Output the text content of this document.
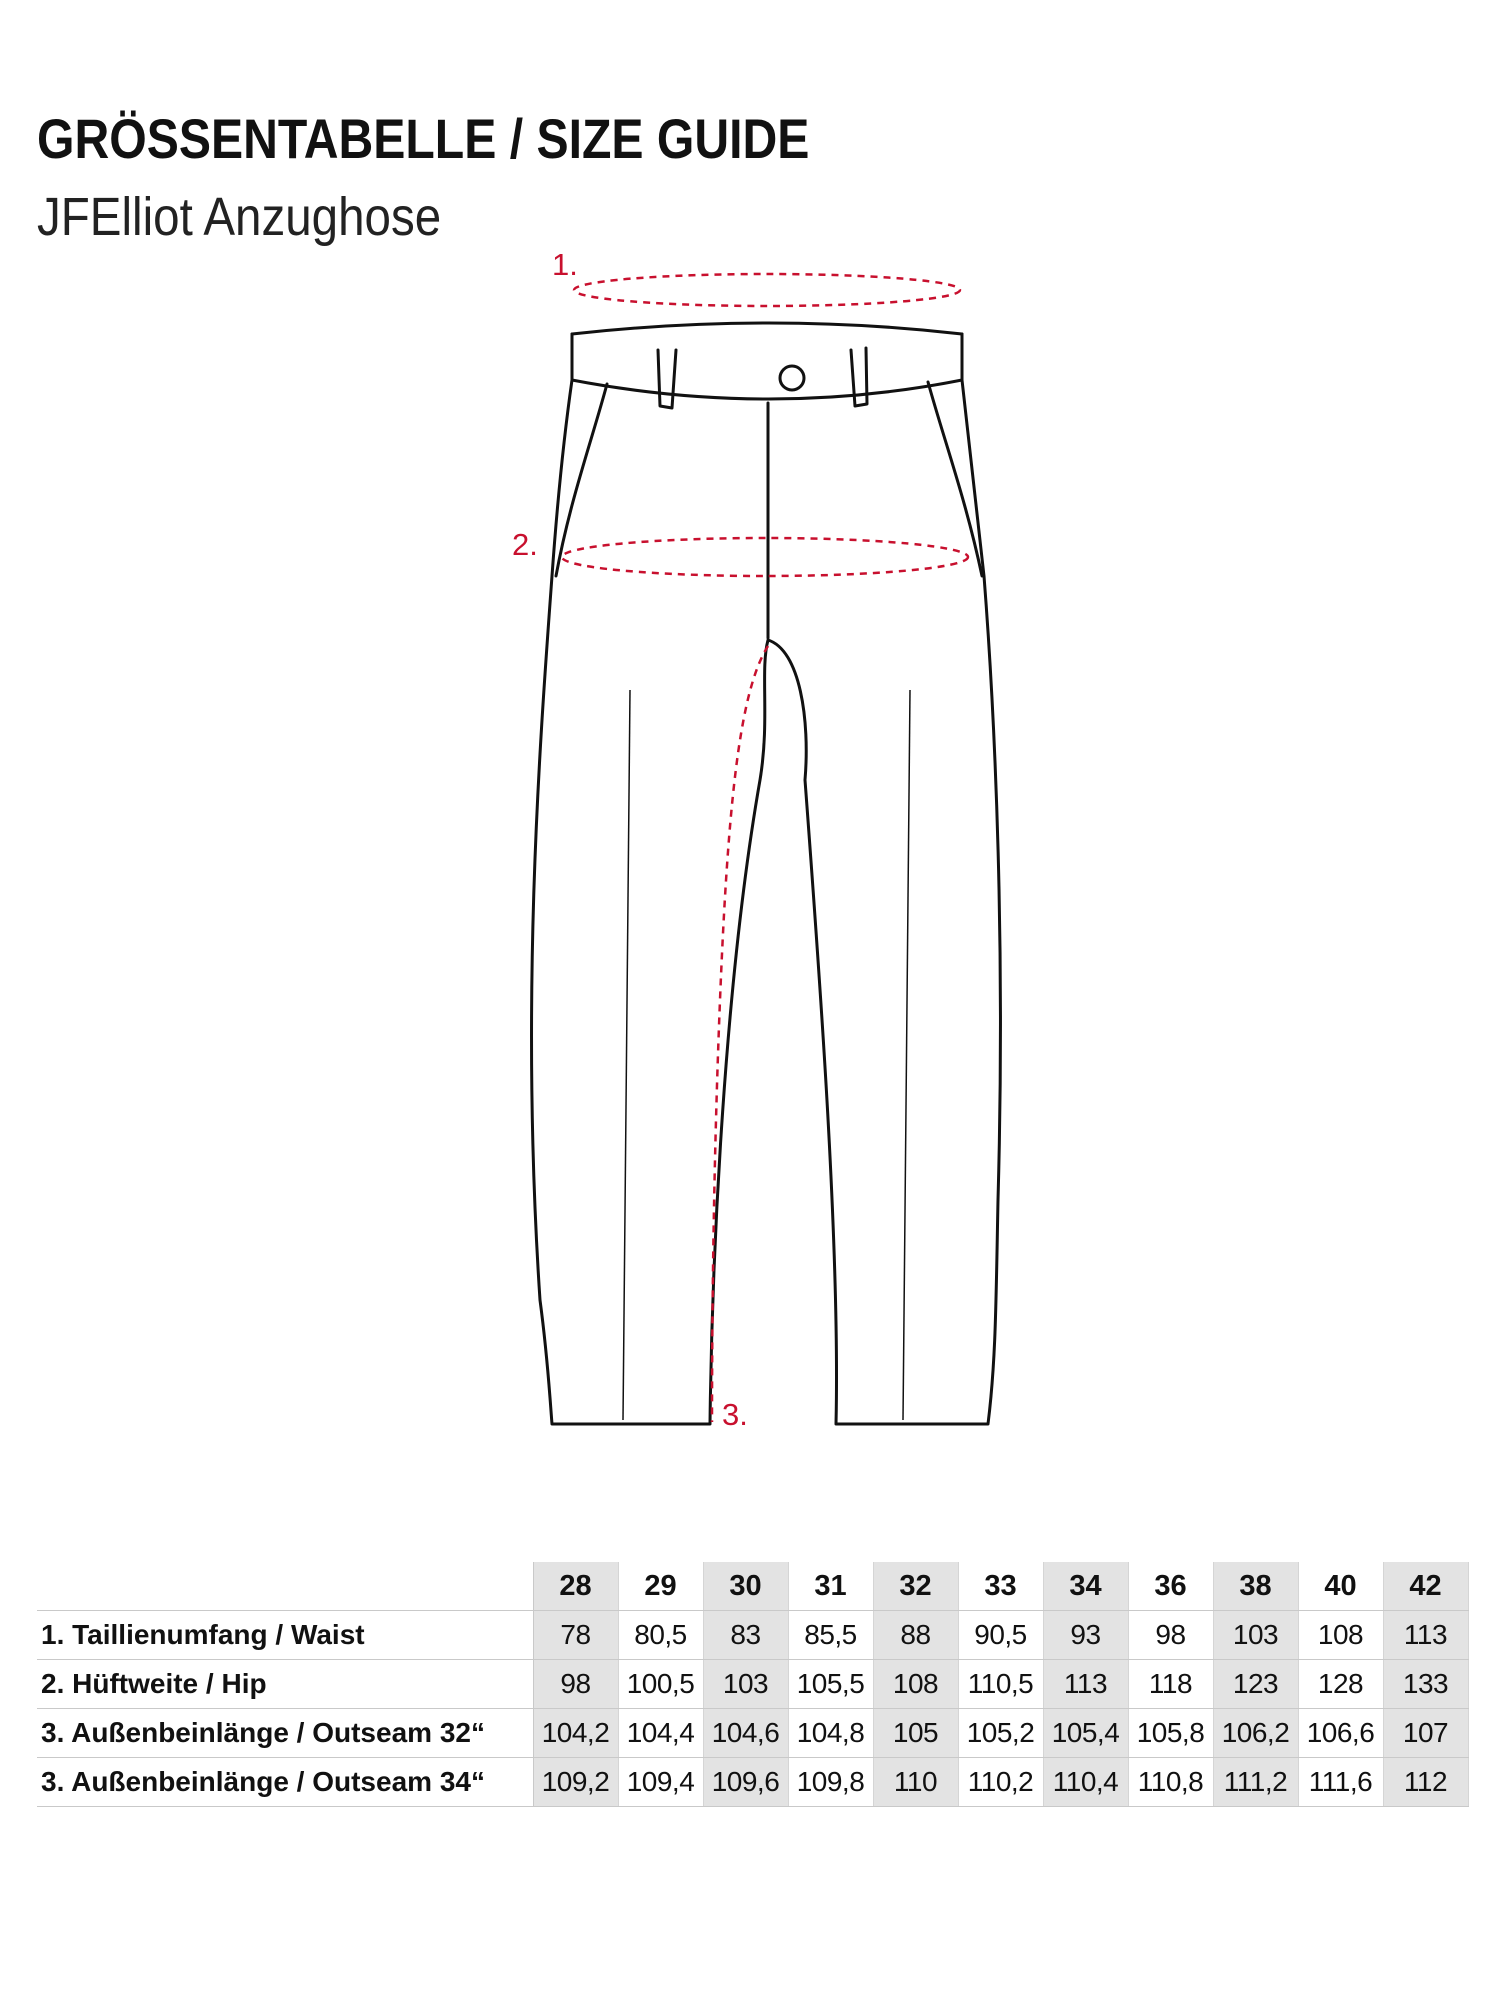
GRÖSSENTABELLE / SIZE GUIDE
JFElliot Anzughose
1.
2.
3.
	28	29	30	31	32	33	34	36	38	40	42
1. Taillienumfang / Waist	78	80,5	83	85,5	88	90,5	93	98	103	108	113
2. Hüftweite / Hip	98	100,5	103	105,5	108	110,5	113	118	123	128	133
3. Außenbeinlänge / Outseam 32“	104,2	104,4	104,6	104,8	105	105,2	105,4	105,8	106,2	106,6	107
3. Außenbeinlänge / Outseam 34“	109,2	109,4	109,6	109,8	110	110,2	110,4	110,8	111,2	111,6	112
